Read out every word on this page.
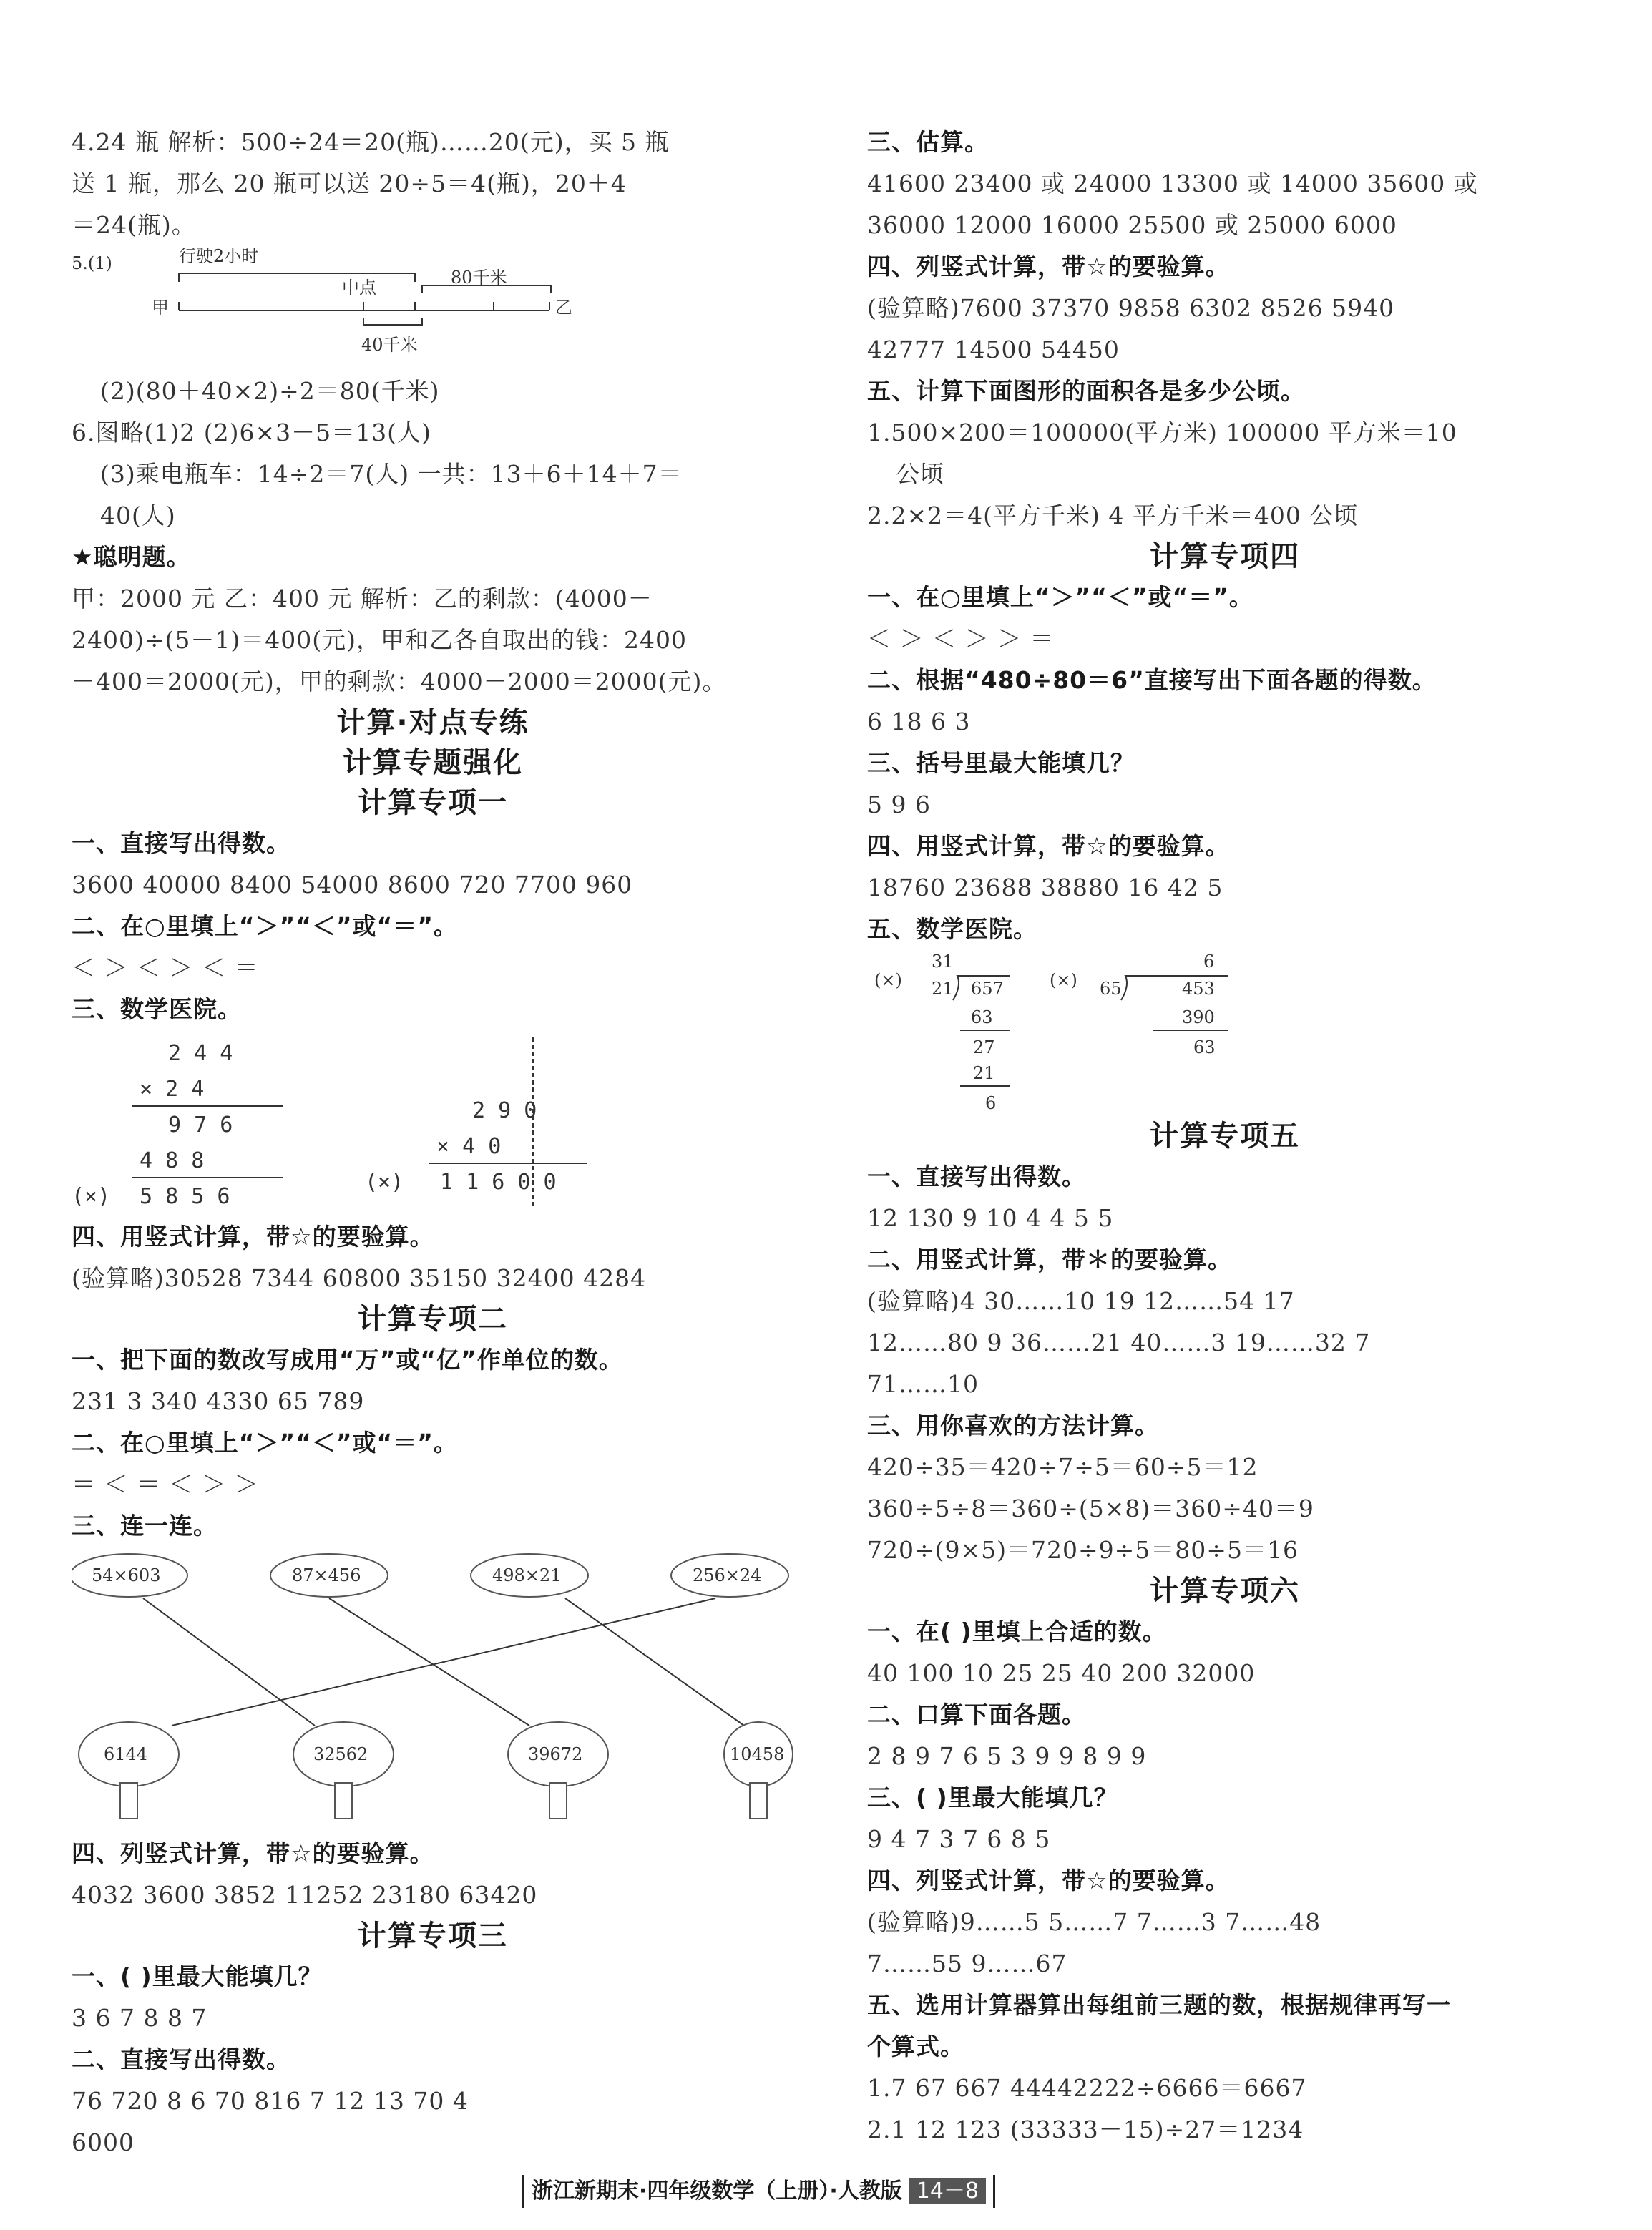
4.24 瓶 解析：500÷24＝20(瓶)……20(元)，买 5 瓶
送 1 瓶，那么 20 瓶可以送 20÷5＝4(瓶)，20＋4
＝24(瓶)。
5.(1)	行驶2小时
80千米
中点
甲	乙
40千米
(2)(80＋40×2)÷2＝80(千米)
6.图略(1)2 (2)6×3－5＝13(人)
(3)乘电瓶车：14÷2＝7(人) 一共：13＋6＋14＋7＝
40(人)
★聪明题。
甲：2000 元 乙：400 元 解析：乙的剩款：(4000－
2400)÷(5－1)＝400(元)，甲和乙各自取出的钱：2400
－400＝2000(元)，甲的剩款：4000－2000＝2000(元)。
计算·对点专练
计算专题强化
计算专项一
一、直接写出得数。
3600 40000 8400 54000 8600 720 7700 960
二、在○里填上“＞”“＜”或“＝”。
＜ ＞ ＜ ＞ ＜ ＝
三、数学医院。
2 4 4
× 2 4
9 7 6
4 8 8
(×) 5 8 5 6
2 9 0
× 4 0
(×) 1 1 6 0 0
四、用竖式计算，带☆的要验算。
(验算略)30528 7344 60800 35150 32400 4284
计算专项二
一、把下面的数改写成用“万”或“亿”作单位的数。
231 3 340 4330 65 789
二、在○里填上“＞”“＜”或“＝”。
＝ ＜ ＝ ＜ ＞ ＞
三、连一连。
54×603	87×456	498×21	256×24
6144	32562	39672	10458
四、列竖式计算，带☆的要验算。
4032 3600 3852 11252 23180 63420
计算专项三
一、( )里最大能填几？
3 6 7 8 8 7
二、直接写出得数。
76 720 8 6 70 816 7 12 13 70 4
6000
三、估算。
41600 23400 或 24000 13300 或 14000 35600 或
36000 12000 16000 25500 或 25000 6000
四、列竖式计算，带☆的要验算。
(验算略)7600 37370 9858 6302 8526 5940
42777 14500 54450
五、计算下面图形的面积各是多少公顷。
1.500×200＝100000(平方米) 100000 平方米＝10
公顷
2.2×2＝4(平方千米) 4 平方千米＝400 公顷
计算专项四
一、在○里填上“＞”“＜”或“＝”。
＜ ＞ ＜ ＞ ＞ ＝
二、根据“480÷80＝6”直接写出下面各题的得数。
6 18 6 3
三、括号里最大能填几？
5 9 6
四、用竖式计算，带☆的要验算。
18760 23688 38880 16 42 5
五、数学医院。
(×)
31
21 657
63
27
21
6
(×)
6
65	453
390
63
计算专项五
一、直接写出得数。
12 130 9 10 4 4 5 5
二、用竖式计算，带＊的要验算。
(验算略)4 30……10 19 12……54 17
12……80 9 36……21 40……3 19……32 7
71……10
三、用你喜欢的方法计算。
420÷35＝420÷7÷5＝60÷5＝12
360÷5÷8＝360÷(5×8)＝360÷40＝9
720÷(9×5)＝720÷9÷5＝80÷5＝16
计算专项六
一、在( )里填上合适的数。
40 100 10 25 25 40 200 32000
二、口算下面各题。
2 8 9 7 6 5 3 9 9 8 9 9
三、( )里最大能填几？
9 4 7 3 7 6 8 5
四、列竖式计算，带☆的要验算。
(验算略)9……5 5……7 7……3 7……48
7……55 9……67
五、选用计算器算出每组前三题的数，根据规律再写一
个算式。
1.7 67 667 44442222÷6666＝6667
2.1 12 123 (33333－15)÷27＝1234
浙江新期末·四年级数学（上册）·人教版 14－8
